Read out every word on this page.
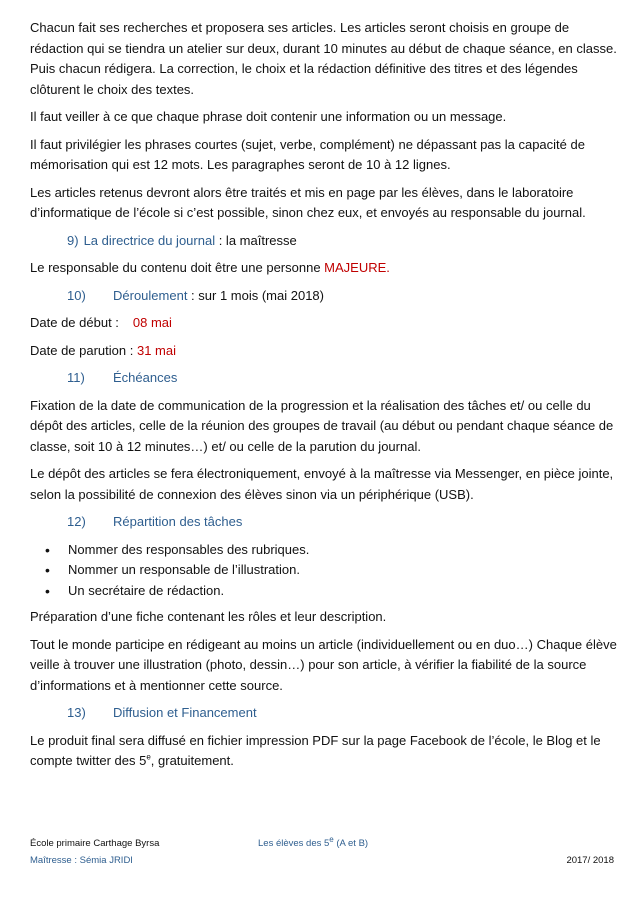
Chacun fait ses recherches et proposera ses articles. Les articles seront choisis en groupe de rédaction qui se tiendra un atelier sur deux, durant 10 minutes au début de chaque séance, en classe. Puis chacun rédigera. La correction, le choix et la rédaction définitive des titres et des légendes clôturent le choix des textes.

Il faut veiller à ce que chaque phrase doit contenir une information ou un message.

Il faut privilégier les phrases courtes (sujet, verbe, complément) ne dépassant pas la capacité de mémorisation qui est 12 mots. Les paragraphes seront de 10 à 12 lignes.

Les articles retenus devront alors être traités et mis en page par les élèves, dans le laboratoire d’informatique de l’école si c’est possible, sinon chez eux, et envoyés au responsable du journal.

9) La directrice du journal : la maîtresse

Le responsable du contenu doit être une personne MAJEURE.

10) Déroulement : sur 1 mois (mai 2018)

Date de début : 08 mai

Date de parution : 31 mai

11) Échéances

Fixation de la date de communication de la progression et la réalisation des tâches et/ ou celle du dépôt des articles, celle de la réunion des groupes de travail (au début ou pendant chaque séance de classe, soit 10 à 12 minutes…) et/ ou celle de la parution du journal.

Le dépôt des articles se fera électroniquement, envoyé à la maîtresse via Messenger, en pièce jointe, selon la possibilité de connexion des élèves sinon via un périphérique (USB).

12) Répartition des tâches

• Nommer des responsables des rubriques.
• Nommer un responsable de l’illustration.
• Un secrétaire de rédaction.

Préparation d’une fiche contenant les rôles et leur description.

Tout le monde participe en rédigeant au moins un article (individuellement ou en duo…) Chaque élève veille à trouver une illustration (photo, dessin…) pour son article, à vérifier la fiabilité de la source d’informations et à mentionner cette source.

13) Diffusion et Financement

Le produit final sera diffusé en fichier impression PDF sur la page Facebook de l’école, le Blog et le compte twitter des 5e, gratuitement.

École primaire Carthage Byrsa	Les élèves des 5e (A et B)
Maîtresse : Sémia JRIDI	2017/ 2018
